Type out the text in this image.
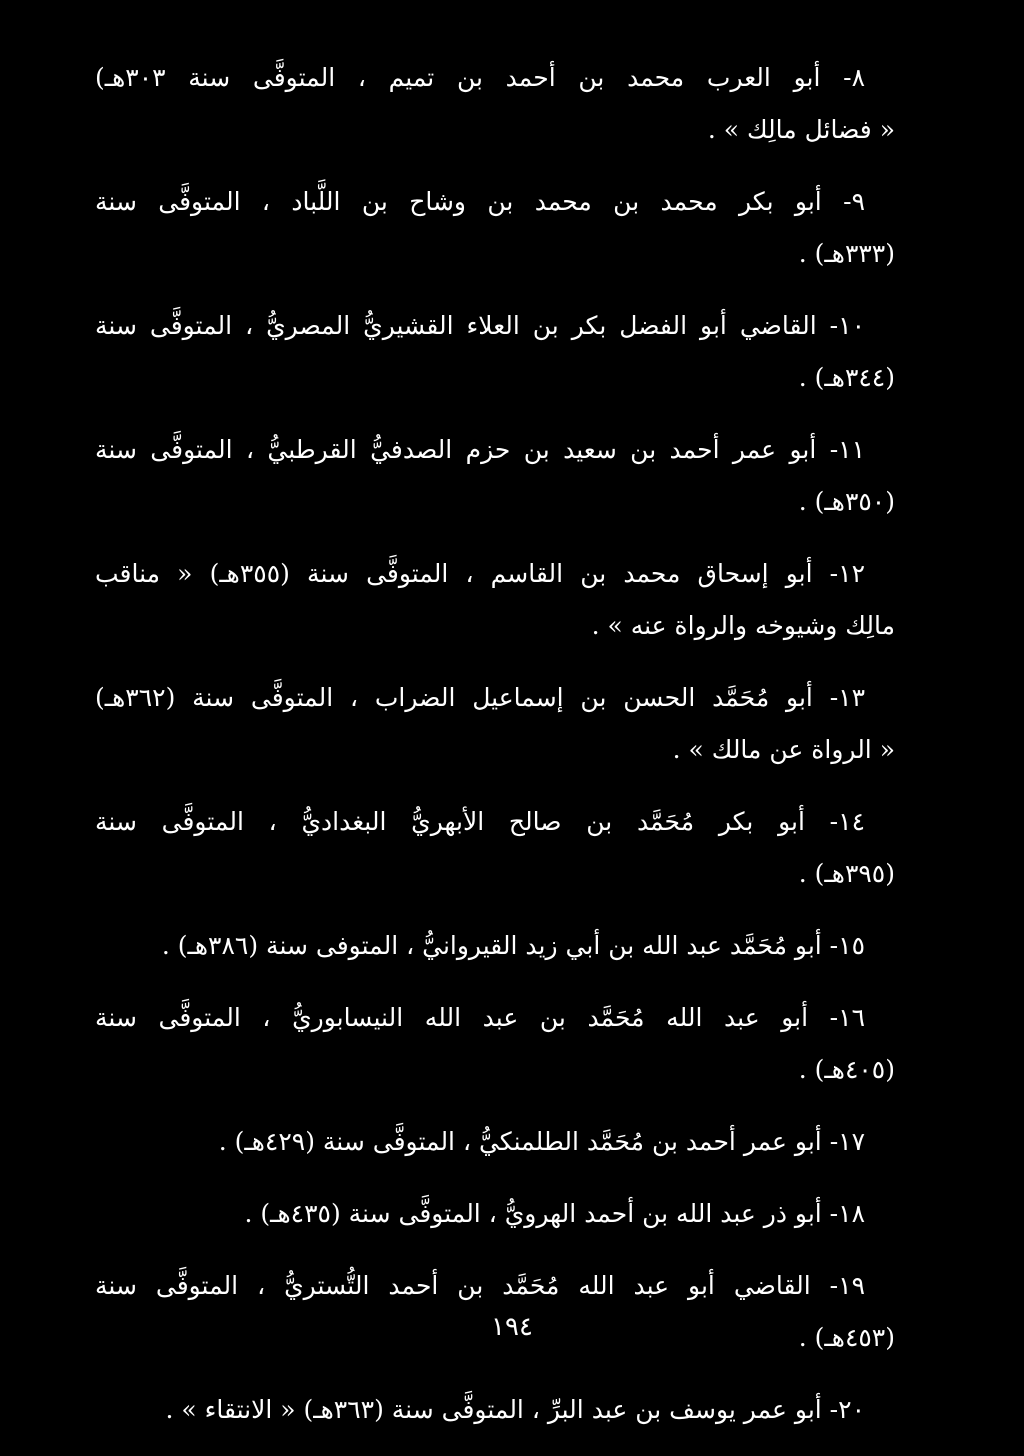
٨- أبو العرب محمد بن أحمد بن تميم ، المتوفَّى سنة ٣٠٣هـ)

« فضائل مالِك » .

٩- أبو بكر محمد بن محمد بن وشاح بن اللَّباد ، المتوفَّى سنة

(٣٣٣هـ) .

١٠- القاضي أبو الفضل بكر بن العلاء القشيريُّ المصريُّ ، المتوفَّى سنة

(٣٤٤هـ) .

١١- أبو عمر أحمد بن سعيد بن حزم الصدفيُّ القرطبيُّ ، المتوفَّى سنة

(٣٥٠هـ) .

١٢- أبو إسحاق محمد بن القاسم ، المتوفَّى سنة (٣٥٥هـ) « مناقب

مالِك وشيوخه والرواة عنه » .

١٣- أبو مُحَمَّد الحسن بن إسماعيل الضراب ، المتوفَّى سنة (٣٦٢هـ)

« الرواة عن مالك » .

١٤- أبو بكر مُحَمَّد بن صالح الأبهريُّ البغداديُّ ، المتوفَّى سنة

(٣٩٥هـ) .

١٥- أبو مُحَمَّد عبد الله بن أبي زيد القيروانيُّ ، المتوفى سنة (٣٨٦هـ) .

١٦- أبو عبد الله مُحَمَّد بن عبد الله النيسابوريُّ ، المتوفَّى سنة

(٤٠٥هـ) .

١٧- أبو عمر أحمد بن مُحَمَّد الطلمنكيُّ ، المتوفَّى سنة (٤٢٩هـ) .

١٨- أبو ذر عبد الله بن أحمد الهرويُّ ، المتوفَّى سنة (٤٣٥هـ) .

١٩- القاضي أبو عبد الله مُحَمَّد بن أحمد التُّستريُّ ، المتوفَّى سنة

(٤٥٣هـ) .

٢٠- أبو عمر يوسف بن عبد البرِّ ، المتوفَّى سنة (٣٦٣هـ) « الانتقاء » .

١٩٤
